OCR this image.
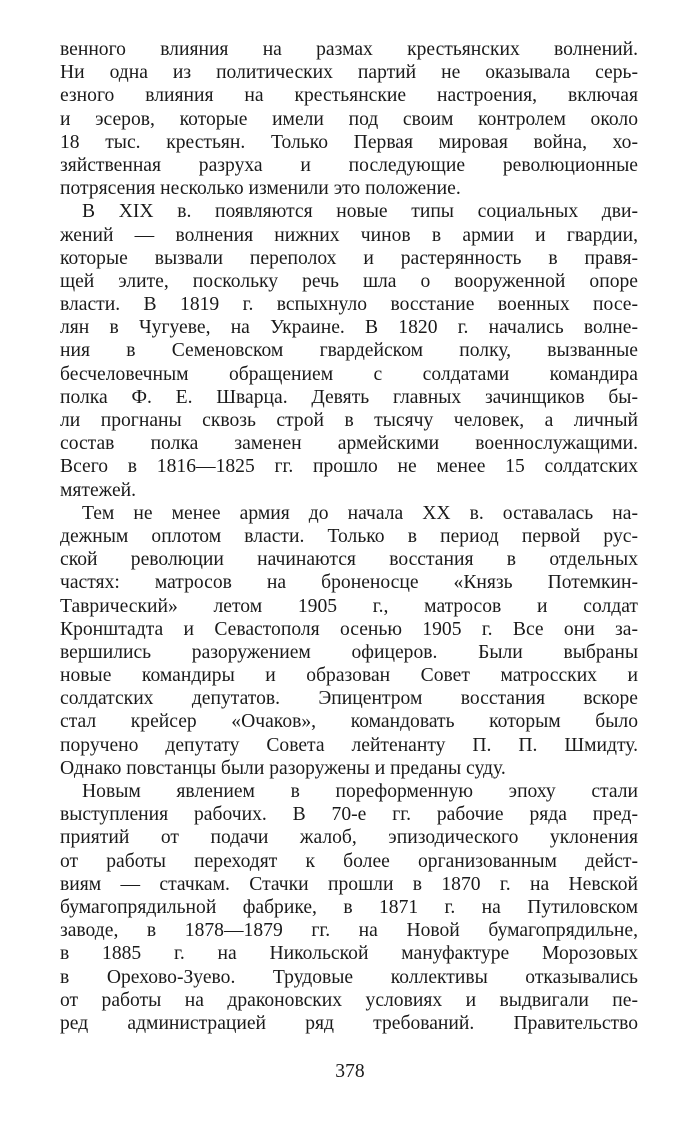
венного влияния на размах крестьянских волнений.
Ни одна из политических партий не оказывала серь-
езного влияния на крестьянские настроения, включая
и эсеров, которые имели под своим контролем около
18 тыс. крестьян. Только Первая мировая война, хо-
зяйственная разруха и последующие революционные
потрясения несколько изменили это положение.
В XIX в. появляются новые типы социальных дви-
жений — волнения нижних чинов в армии и гвардии,
которые вызвали переполох и растерянность в правя-
щей элите, поскольку речь шла о вооруженной опоре
власти. В 1819 г. вспыхнуло восстание военных посе-
лян в Чугуеве, на Украине. В 1820 г. начались волне-
ния в Семеновском гвардейском полку, вызванные
бесчеловечным обращением с солдатами командира
полка Ф. Е. Шварца. Девять главных зачинщиков бы-
ли прогнаны сквозь строй в тысячу человек, а личный
состав полка заменен армейскими военнослужащими.
Всего в 1816—1825 гг. прошло не менее 15 солдатских
мятежей.
Тем не менее армия до начала XX в. оставалась на-
дежным оплотом власти. Только в период первой рус-
ской революции начинаются восстания в отдельных
частях: матросов на броненосце «Князь Потемкин-
Таврический» летом 1905 г., матросов и солдат
Кронштадта и Севастополя осенью 1905 г. Все они за-
вершились разоружением офицеров. Были выбраны
новые командиры и образован Совет матросских и
солдатских депутатов. Эпицентром восстания вскоре
стал крейсер «Очаков», командовать которым было
поручено депутату Совета лейтенанту П. П. Шмидту.
Однако повстанцы были разоружены и преданы суду.
Новым явлением в пореформенную эпоху стали
выступления рабочих. В 70-е гг. рабочие ряда пред-
приятий от подачи жалоб, эпизодического уклонения
от работы переходят к более организованным дейст-
виям — стачкам. Стачки прошли в 1870 г. на Невской
бумагопрядильной фабрике, в 1871 г. на Путиловском
заводе, в 1878—1879 гг. на Новой бумагопрядильне,
в 1885 г. на Никольской мануфактуре Морозовых
в Орехово-Зуево. Трудовые коллективы отказывались
от работы на драконовских условиях и выдвигали пе-
ред администрацией ряд требований. Правительство
378
